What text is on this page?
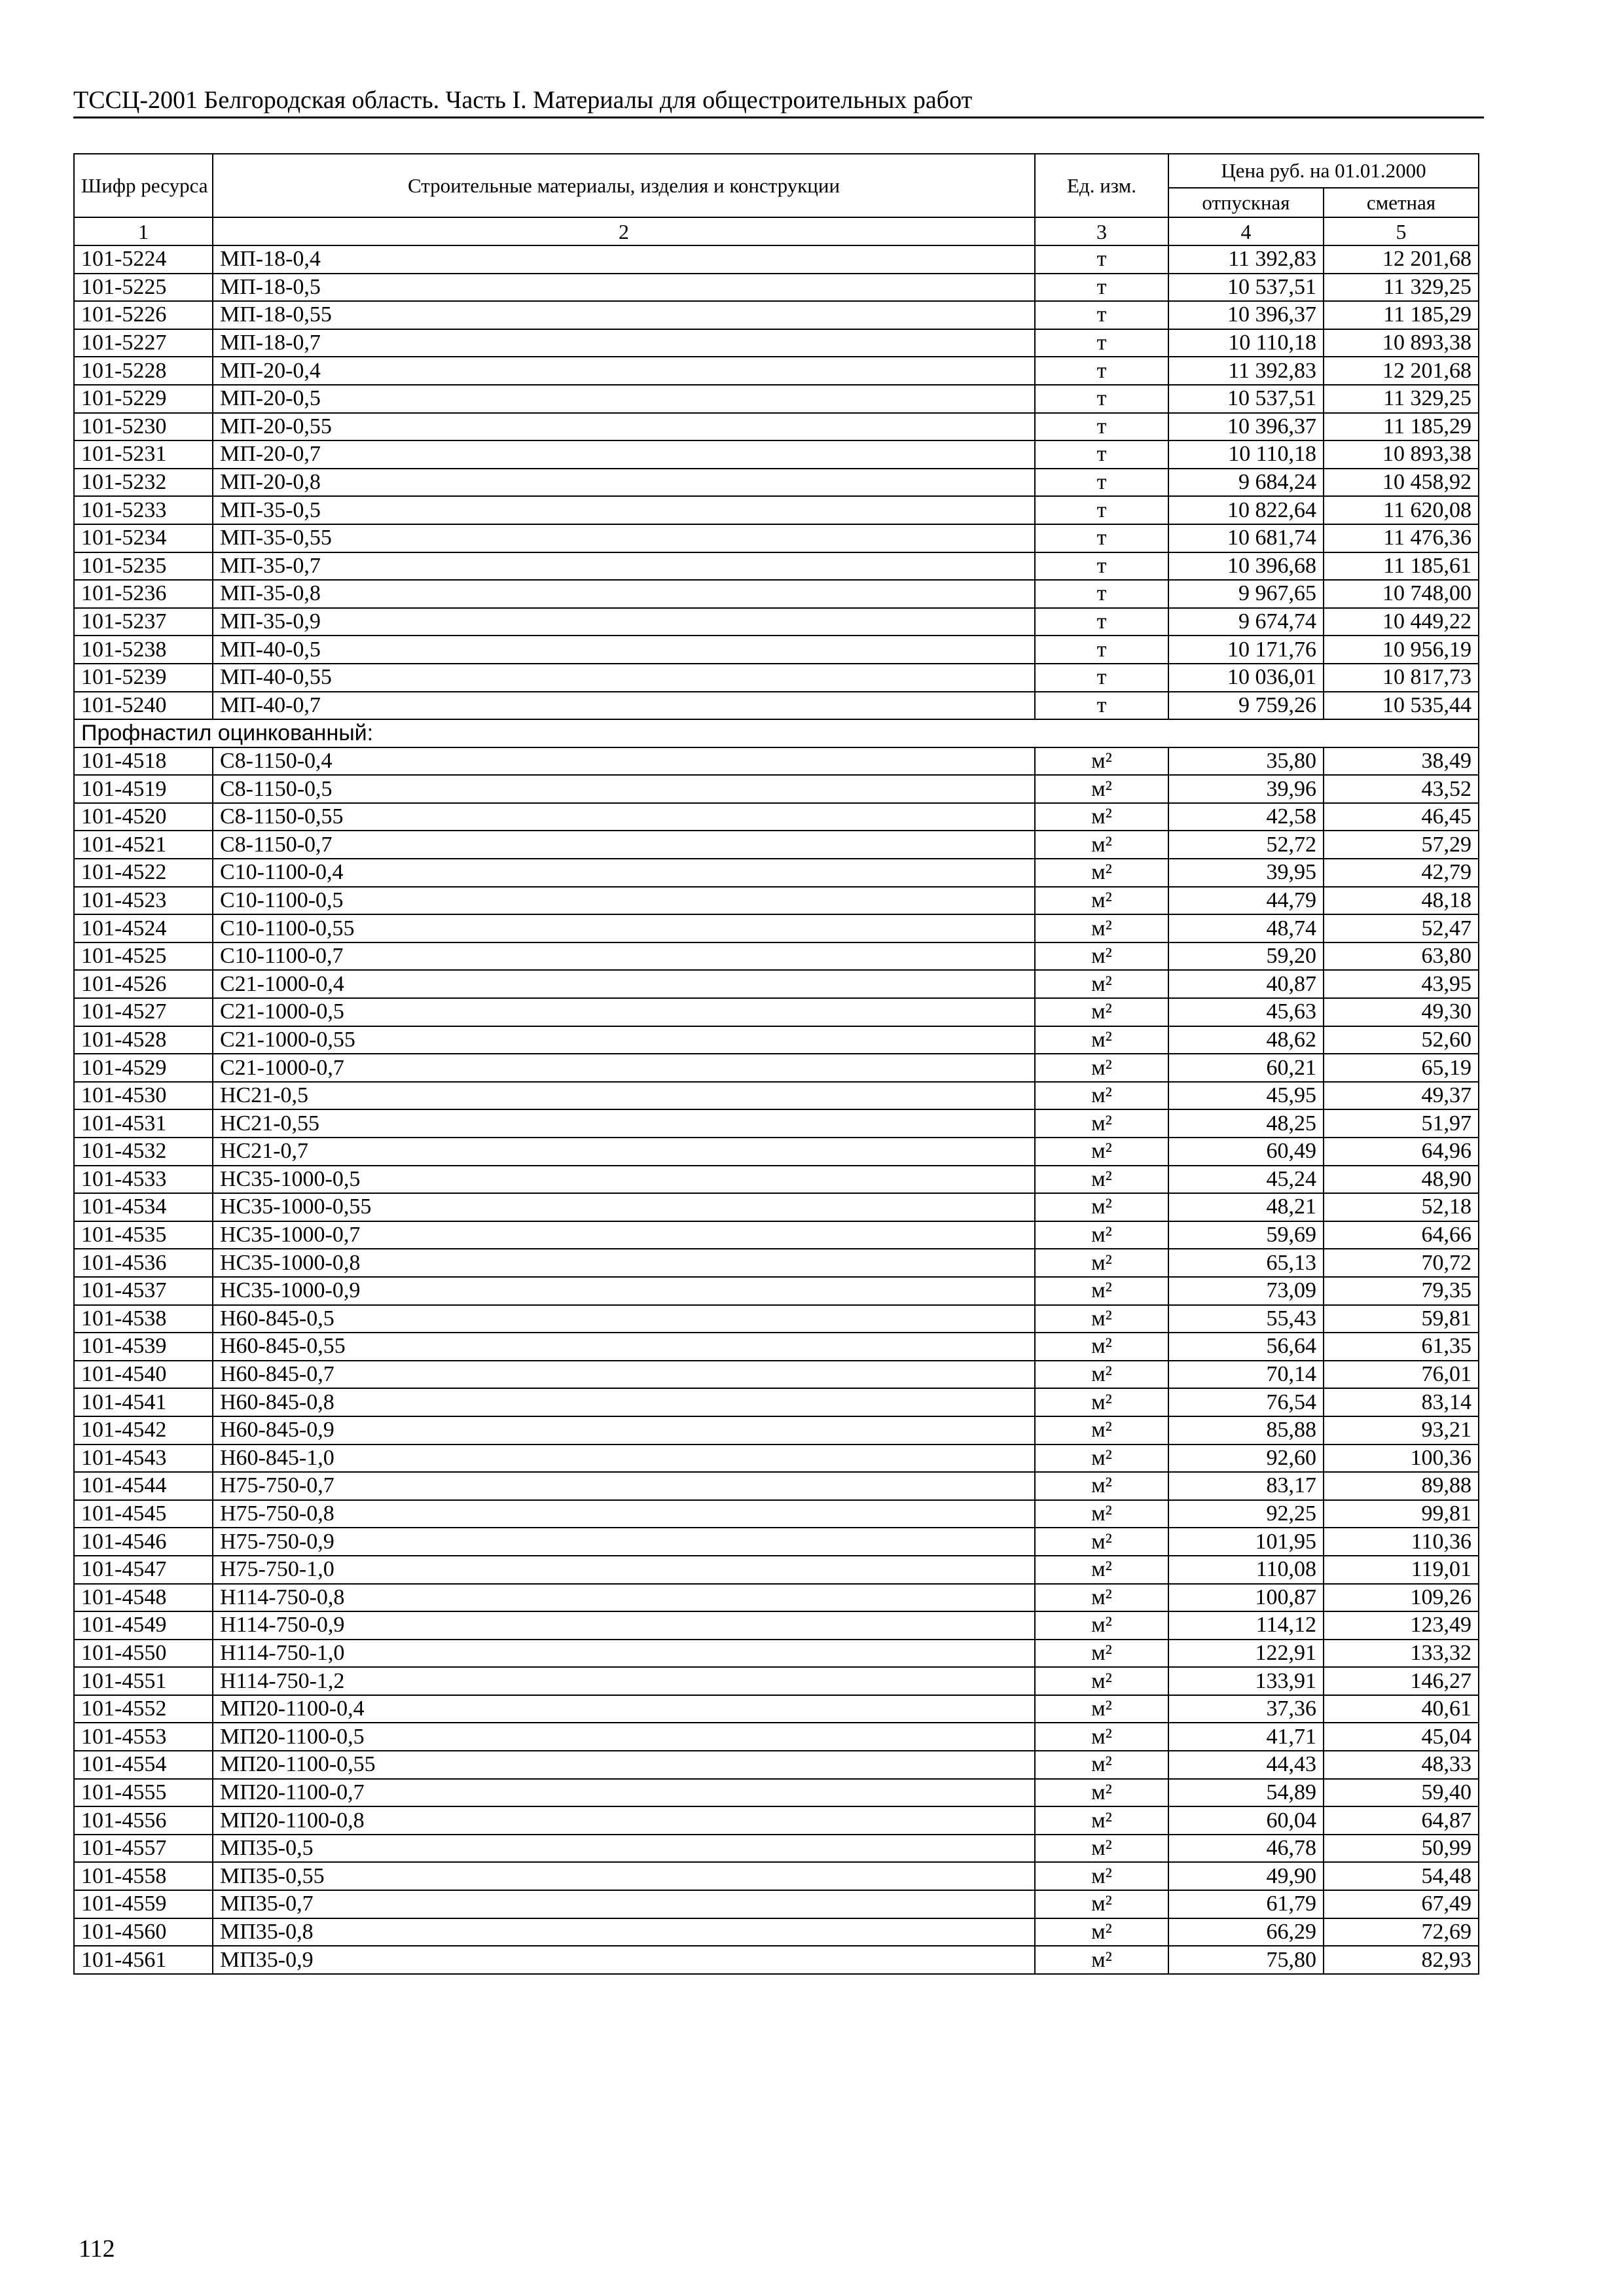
ТССЦ-2001 Белгородская область. Часть I. Материалы для общестроительных работ
Шифр ресурса	Строительные материалы, изделия и конструкции	Ед. изм.	Цена руб. на 01.01.2000	
			отпускная	сметная
1	2	3	4	5
101-5224	МП-18-0,4	т	11 392,83	12 201,68
101-5225	МП-18-0,5	т	10 537,51	11 329,25
101-5226	МП-18-0,55	т	10 396,37	11 185,29
101-5227	МП-18-0,7	т	10 110,18	10 893,38
101-5228	МП-20-0,4	т	11 392,83	12 201,68
101-5229	МП-20-0,5	т	10 537,51	11 329,25
101-5230	МП-20-0,55	т	10 396,37	11 185,29
101-5231	МП-20-0,7	т	10 110,18	10 893,38
101-5232	МП-20-0,8	т	9 684,24	10 458,92
101-5233	МП-35-0,5	т	10 822,64	11 620,08
101-5234	МП-35-0,55	т	10 681,74	11 476,36
101-5235	МП-35-0,7	т	10 396,68	11 185,61
101-5236	МП-35-0,8	т	9 967,65	10 748,00
101-5237	МП-35-0,9	т	9 674,74	10 449,22
101-5238	МП-40-0,5	т	10 171,76	10 956,19
101-5239	МП-40-0,55	т	10 036,01	10 817,73
101-5240	МП-40-0,7	т	9 759,26	10 535,44
Профнастил оцинкованный:				
101-4518	С8-1150-0,4	м²	35,80	38,49
101-4519	С8-1150-0,5	м²	39,96	43,52
101-4520	С8-1150-0,55	м²	42,58	46,45
101-4521	С8-1150-0,7	м²	52,72	57,29
101-4522	С10-1100-0,4	м²	39,95	42,79
101-4523	С10-1100-0,5	м²	44,79	48,18
101-4524	С10-1100-0,55	м²	48,74	52,47
101-4525	С10-1100-0,7	м²	59,20	63,80
101-4526	С21-1000-0,4	м²	40,87	43,95
101-4527	С21-1000-0,5	м²	45,63	49,30
101-4528	С21-1000-0,55	м²	48,62	52,60
101-4529	С21-1000-0,7	м²	60,21	65,19
101-4530	НС21-0,5	м²	45,95	49,37
101-4531	НС21-0,55	м²	48,25	51,97
101-4532	НС21-0,7	м²	60,49	64,96
101-4533	НС35-1000-0,5	м²	45,24	48,90
101-4534	НС35-1000-0,55	м²	48,21	52,18
101-4535	НС35-1000-0,7	м²	59,69	64,66
101-4536	НС35-1000-0,8	м²	65,13	70,72
101-4537	НС35-1000-0,9	м²	73,09	79,35
101-4538	Н60-845-0,5	м²	55,43	59,81
101-4539	Н60-845-0,55	м²	56,64	61,35
101-4540	Н60-845-0,7	м²	70,14	76,01
101-4541	Н60-845-0,8	м²	76,54	83,14
101-4542	Н60-845-0,9	м²	85,88	93,21
101-4543	Н60-845-1,0	м²	92,60	100,36
101-4544	Н75-750-0,7	м²	83,17	89,88
101-4545	Н75-750-0,8	м²	92,25	99,81
101-4546	Н75-750-0,9	м²	101,95	110,36
101-4547	Н75-750-1,0	м²	110,08	119,01
101-4548	Н114-750-0,8	м²	100,87	109,26
101-4549	Н114-750-0,9	м²	114,12	123,49
101-4550	Н114-750-1,0	м²	122,91	133,32
101-4551	Н114-750-1,2	м²	133,91	146,27
101-4552	МП20-1100-0,4	м²	37,36	40,61
101-4553	МП20-1100-0,5	м²	41,71	45,04
101-4554	МП20-1100-0,55	м²	44,43	48,33
101-4555	МП20-1100-0,7	м²	54,89	59,40
101-4556	МП20-1100-0,8	м²	60,04	64,87
101-4557	МП35-0,5	м²	46,78	50,99
101-4558	МП35-0,55	м²	49,90	54,48
101-4559	МП35-0,7	м²	61,79	67,49
101-4560	МП35-0,8	м²	66,29	72,69
101-4561	МП35-0,9	м²	75,80	82,93
112
